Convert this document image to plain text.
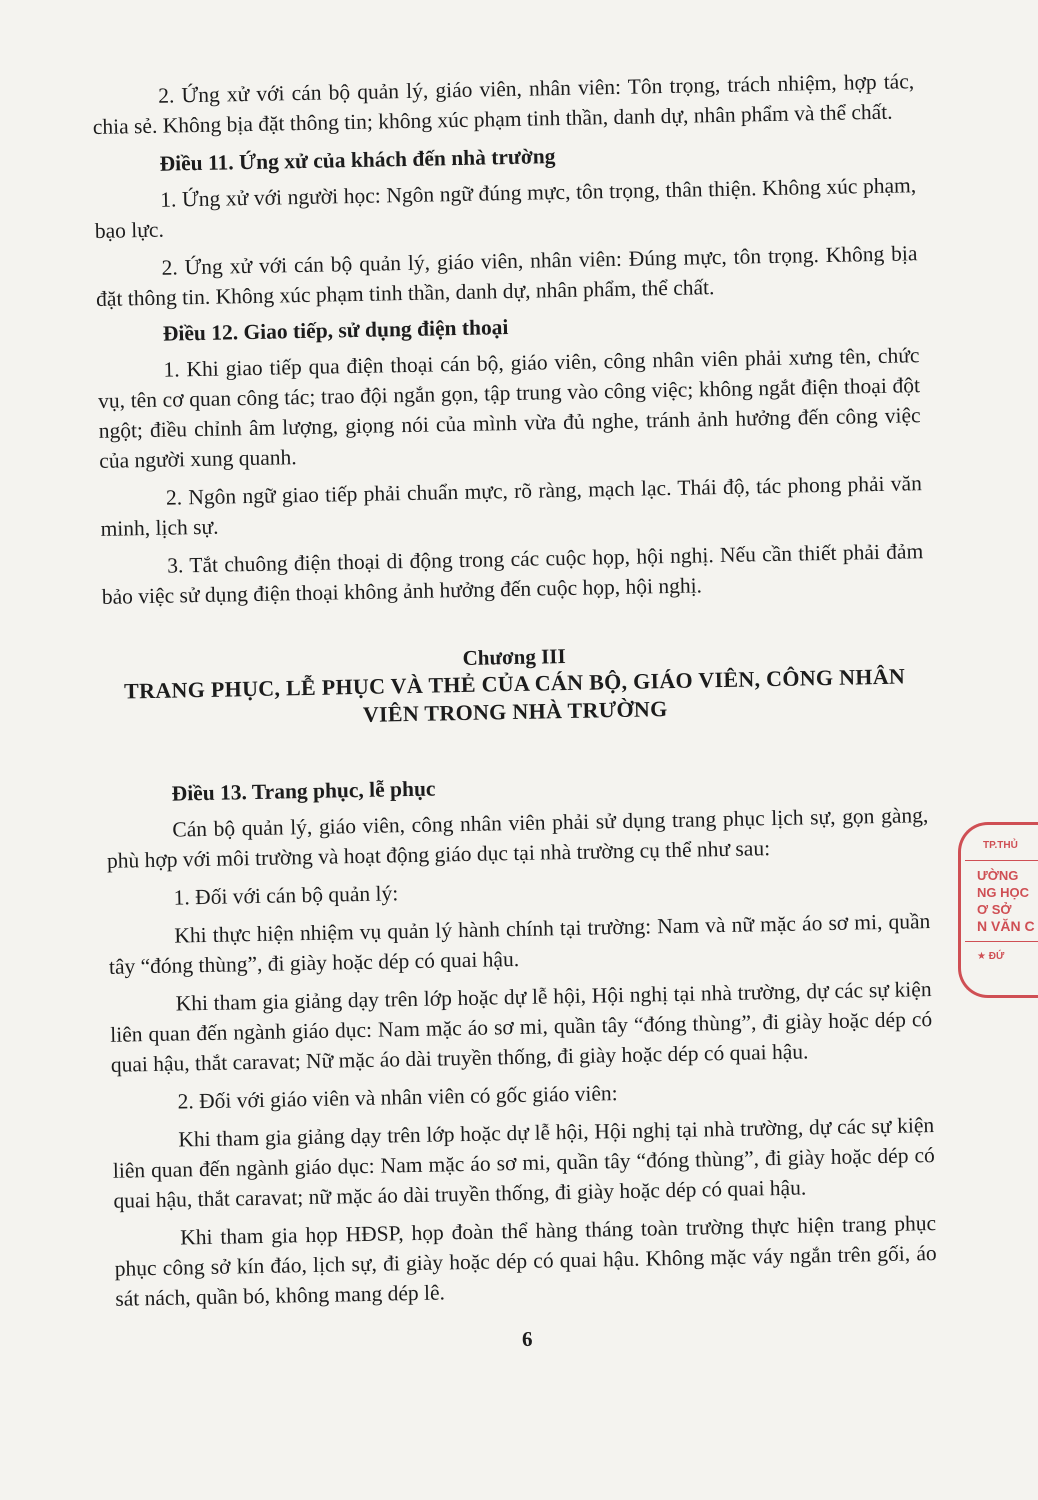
2. Ứng xử với cán bộ quản lý, giáo viên, nhân viên: Tôn trọng, trách nhiệm, hợp tác, chia sẻ. Không bịa đặt thông tin; không xúc phạm tinh thần, danh dự, nhân phẩm và thể chất.

Điều 11. Ứng xử của khách đến nhà trường

1. Ứng xử với người học: Ngôn ngữ đúng mực, tôn trọng, thân thiện. Không xúc phạm, bạo lực.

2. Ứng xử với cán bộ quản lý, giáo viên, nhân viên: Đúng mực, tôn trọng. Không bịa đặt thông tin. Không xúc phạm tinh thần, danh dự, nhân phẩm, thể chất.

Điều 12. Giao tiếp, sử dụng điện thoại

1. Khi giao tiếp qua điện thoại cán bộ, giáo viên, công nhân viên phải xưng tên, chức vụ, tên cơ quan công tác; trao đội ngắn gọn, tập trung vào công việc; không ngắt điện thoại đột ngột; điều chỉnh âm lượng, giọng nói của mình vừa đủ nghe, tránh ảnh hưởng đến công việc của người xung quanh.

2. Ngôn ngữ giao tiếp phải chuẩn mực, rõ ràng, mạch lạc. Thái độ, tác phong phải văn minh, lịch sự.

3. Tắt chuông điện thoại di động trong các cuộc họp, hội nghị. Nếu cần thiết phải đảm bảo việc sử dụng điện thoại không ảnh hưởng đến cuộc họp, hội nghị.

Chương III
TRANG PHỤC, LỄ PHỤC VÀ THẺ CỦA CÁN BỘ, GIÁO VIÊN, CÔNG NHÂN VIÊN TRONG NHÀ TRƯỜNG
Điều 13. Trang phục, lễ phục

Cán bộ quản lý, giáo viên, công nhân viên phải sử dụng trang phục lịch sự, gọn gàng, phù hợp với môi trường và hoạt động giáo dục tại nhà trường cụ thể như sau:

1. Đối với cán bộ quản lý:

Khi thực hiện nhiệm vụ quản lý hành chính tại trường: Nam và nữ mặc áo sơ mi, quần tây “đóng thùng”, đi giày hoặc dép có quai hậu.

Khi tham gia giảng dạy trên lớp hoặc dự lễ hội, Hội nghị tại nhà trường, dự các sự kiện liên quan đến ngành giáo dục: Nam mặc áo sơ mi, quần tây “đóng thùng”, đi giày hoặc dép có quai hậu, thắt caravat; Nữ mặc áo dài truyền thống, đi giày hoặc dép có quai hậu.

2. Đối với giáo viên và nhân viên có gốc giáo viên:

Khi tham gia giảng dạy trên lớp hoặc dự lễ hội, Hội nghị tại nhà trường, dự các sự kiện liên quan đến ngành giáo dục: Nam mặc áo sơ mi, quần tây “đóng thùng”, đi giày hoặc dép có quai hậu, thắt caravat; nữ mặc áo dài truyền thống, đi giày hoặc dép có quai hậu.

Khi tham gia họp HĐSP, họp đoàn thể hàng tháng toàn trường thực hiện trang phục phục công sở kín đáo, lịch sự, đi giày hoặc dép có quai hậu. Không mặc váy ngắn trên gối, áo sát nách, quần bó, không mang dép lê.

6
TP.THỦ
ƯỜNG
NG HỌC
Ơ SỞ
N VĂN C
★ ĐỨ
